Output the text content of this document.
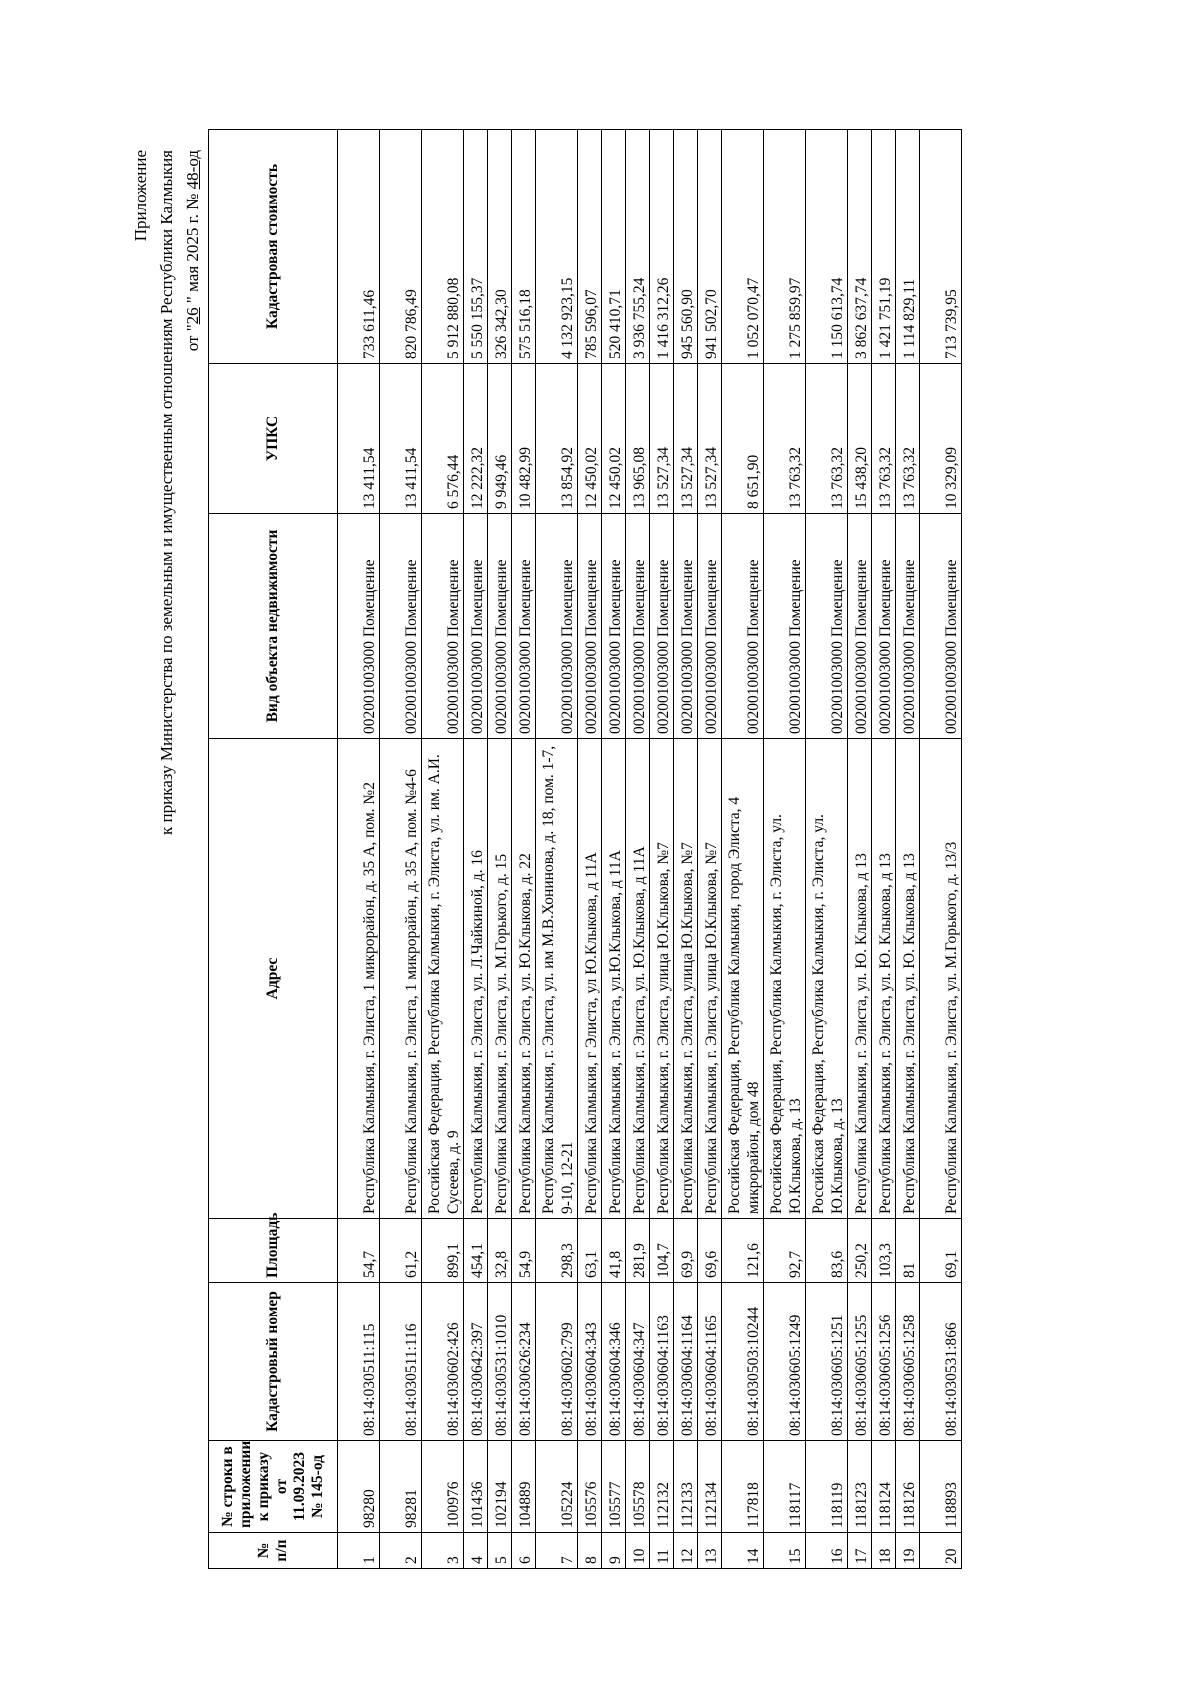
Приложение к приказу Министерства по земельным и имущественным отношениям Республики Калмыкия от "26 " мая 2025 г. № 48-од
№ п/п	№ строки в приложении к приказу от 11.09.2023 № 145-од	Кадастровый номер	Площадь	Адрес	Вид объекта недвижимости	УПКС	Кадастровая стоимость
1	98280	08:14:030511:115	54,7	Республика Калмыкия, г. Элиста, 1 микрорайон, д. 35 А, пом. №2	002001003000 Помещение	13 411,54	733 611,46
2	98281	08:14:030511:116	61,2	Республика Калмыкия, г. Элиста, 1 микрорайон, д. 35 А, пом. №4-6	002001003000 Помещение	13 411,54	820 786,49
3	100976	08:14:030602:426	899,1	Российская Федерация, Республика Калмыкия, г. Элиста, ул. им. А.И. Сусеева, д. 9	002001003000 Помещение	6 576,44	5 912 880,08
4	101436	08:14:030642:397	454,1	Республика Калмыкия, г. Элиста, ул. Л.Чайкиной, д. 16	002001003000 Помещение	12 222,32	5 550 155,37
5	102194	08:14:030531:1010	32,8	Республика Калмыкия, г. Элиста, ул. М.Горького, д. 15	002001003000 Помещение	9 949,46	326 342,30
6	104889	08:14:030626:234	54,9	Республика Калмыкия, г. Элиста, ул. Ю.Клыкова, д. 22	002001003000 Помещение	10 482,99	575 516,18
7	105224	08:14:030602:799	298,3	Республика Калмыкия, г. Элиста, ул. им М.В.Хонинова, д. 18, пом. 1-7, 9-10, 12-21	002001003000 Помещение	13 854,92	4 132 923,15
8	105576	08:14:030604:343	63,1	Республика Калмыкия, г Элиста, ул Ю.Клыкова, д 11А	002001003000 Помещение	12 450,02	785 596,07
9	105577	08:14:030604:346	41,8	Республика Калмыкия, г. Элиста, ул.Ю.Клыкова, д 11А	002001003000 Помещение	12 450,02	520 410,71
10	105578	08:14:030604:347	281,9	Республика Калмыкия, г. Элиста, ул. Ю.Клыкова, д 11А	002001003000 Помещение	13 965,08	3 936 755,24
11	112132	08:14:030604:1163	104,7	Республика Калмыкия, г. Элиста, улица Ю.Клыкова, №7	002001003000 Помещение	13 527,34	1 416 312,26
12	112133	08:14:030604:1164	69,9	Республика Калмыкия, г. Элиста, улица Ю.Клыкова, №7	002001003000 Помещение	13 527,34	945 560,90
13	112134	08:14:030604:1165	69,6	Республика Калмыкия, г. Элиста, улица Ю.Клыкова, №7	002001003000 Помещение	13 527,34	941 502,70
14	117818	08:14:030503:10244	121,6	Российская Федерация, Республика Калмыкия, город Элиста, 4 микрорайон, дом 48	002001003000 Помещение	8 651,90	1 052 070,47
15	118117	08:14:030605:1249	92,7	Российская Федерация, Республика Калмыкия, г. Элиста, ул. Ю.Клыкова, д. 13	002001003000 Помещение	13 763,32	1 275 859,97
16	118119	08:14:030605:1251	83,6	Российская Федерация, Республика Калмыкия, г. Элиста, ул. Ю.Клыкова, д. 13	002001003000 Помещение	13 763,32	1 150 613,74
17	118123	08:14:030605:1255	250,2	Республика Калмыкия, г. Элиста, ул. Ю. Клыкова, д 13	002001003000 Помещение	15 438,20	3 862 637,74
18	118124	08:14:030605:1256	103,3	Республика Калмыкия, г. Элиста, ул. Ю. Клыкова, д 13	002001003000 Помещение	13 763,32	1 421 751,19
19	118126	08:14:030605:1258	81	Республика Калмыкия, г. Элиста, ул. Ю. Клыкова, д 13	002001003000 Помещение	13 763,32	1 114 829,11
20	118893	08:14:030531:866	69,1	Республика Калмыкия, г. Элиста, ул. М.Горького, д. 13/3	002001003000 Помещение	10 329,09	713 739,95
